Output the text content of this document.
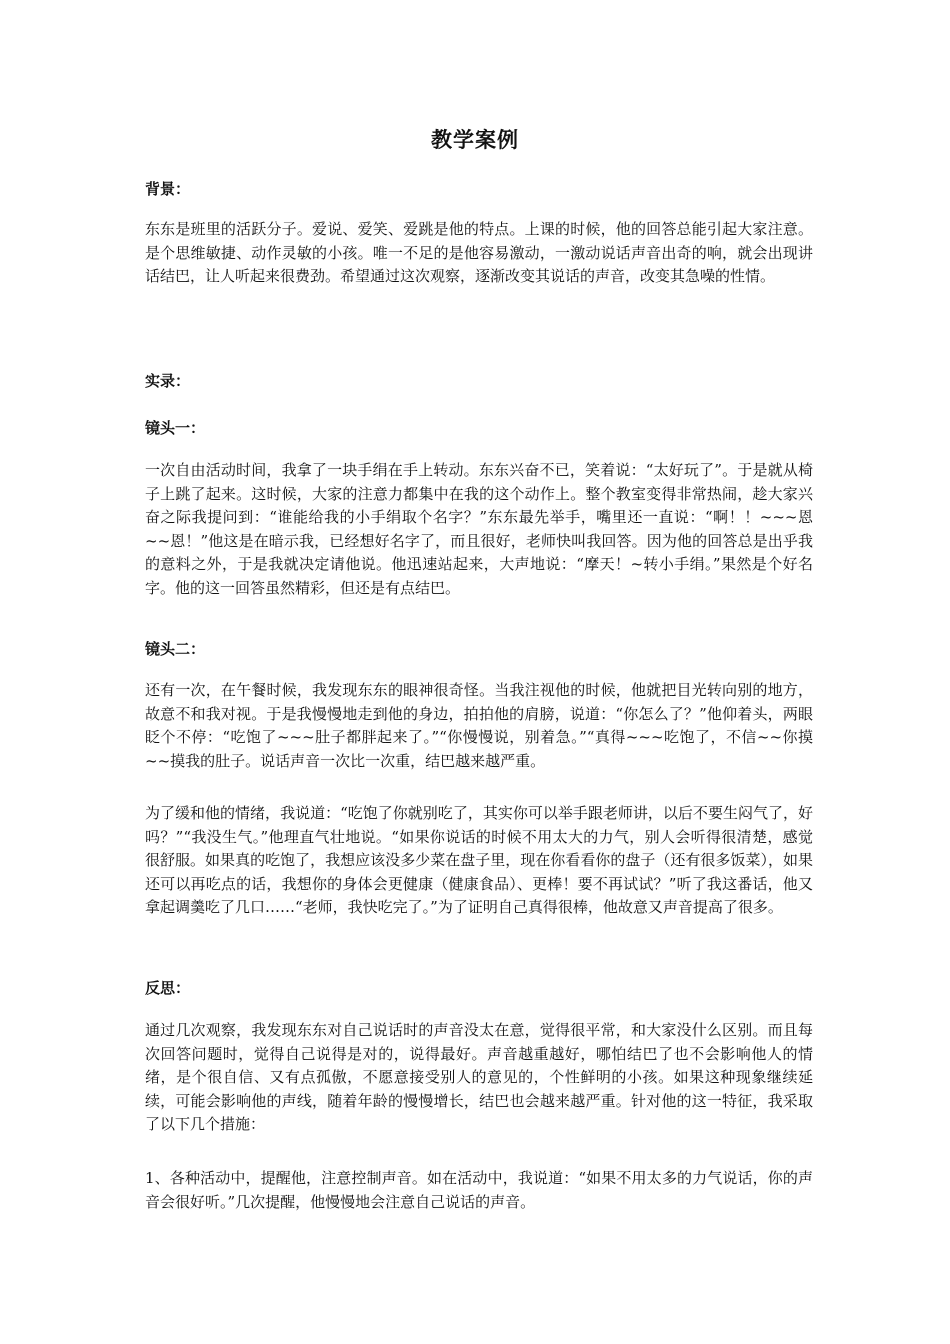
教学案例
背景：
东东是班里的活跃分子。爱说、爱笑、爱跳是他的特点。上课的时候，他的回答总能引起大家注意。是个思维敏捷、动作灵敏的小孩。唯一不足的是他容易激动，一激动说话声音出奇的响，就会出现讲话结巴，让人听起来很费劲。希望通过这次观察，逐渐改变其说话的声音，改变其急噪的性情。
实录：
镜头一：
一次自由活动时间，我拿了一块手绢在手上转动。东东兴奋不已，笑着说：“太好玩了”。于是就从椅子上跳了起来。这时候，大家的注意力都集中在我的这个动作上。整个教室变得非常热闹，趁大家兴奋之际我提问到：“谁能给我的小手绢取个名字？”东东最先举手，嘴里还一直说：“啊！！~~~恩~~恩！”他这是在暗示我，已经想好名字了，而且很好，老师快叫我回答。因为他的回答总是出乎我的意料之外，于是我就决定请他说。他迅速站起来，大声地说：“摩天！~转小手绢。”果然是个好名字。他的这一回答虽然精彩，但还是有点结巴。
镜头二：
还有一次，在午餐时候，我发现东东的眼神很奇怪。当我注视他的时候，他就把目光转向别的地方，故意不和我对视。于是我慢慢地走到他的身边，拍拍他的肩膀，说道：“你怎么了？”他仰着头，两眼眨个不停：“吃饱了~~~肚子都胖起来了。”“你慢慢说，别着急。”“真得~~~吃饱了，不信~~你摸~~摸我的肚子。说话声音一次比一次重，结巴越来越严重。
为了缓和他的情绪，我说道：“吃饱了你就别吃了，其实你可以举手跟老师讲，以后不要生闷气了，好吗？”“我没生气。”他理直气壮地说。“如果你说话的时候不用太大的力气，别人会听得很清楚，感觉很舒服。如果真的吃饱了，我想应该没多少菜在盘子里，现在你看看你的盘子（还有很多饭菜），如果还可以再吃点的话，我想你的身体会更健康（健康食品）、更棒！要不再试试？”听了我这番话，他又拿起调羹吃了几口……“老师，我快吃完了。”为了证明自己真得很棒，他故意又声音提高了很多。
反思：
通过几次观察，我发现东东对自己说话时的声音没太在意，觉得很平常，和大家没什么区别。而且每次回答问题时，觉得自己说得是对的，说得最好。声音越重越好，哪怕结巴了也不会影响他人的情绪，是个很自信、又有点孤傲，不愿意接受别人的意见的，个性鲜明的小孩。如果这种现象继续延续，可能会影响他的声线，随着年龄的慢慢增长，结巴也会越来越严重。针对他的这一特征，我采取了以下几个措施：
1、各种活动中，提醒他，注意控制声音。如在活动中，我说道：“如果不用太多的力气说话，你的声音会很好听。”几次提醒，他慢慢地会注意自己说话的声音。
